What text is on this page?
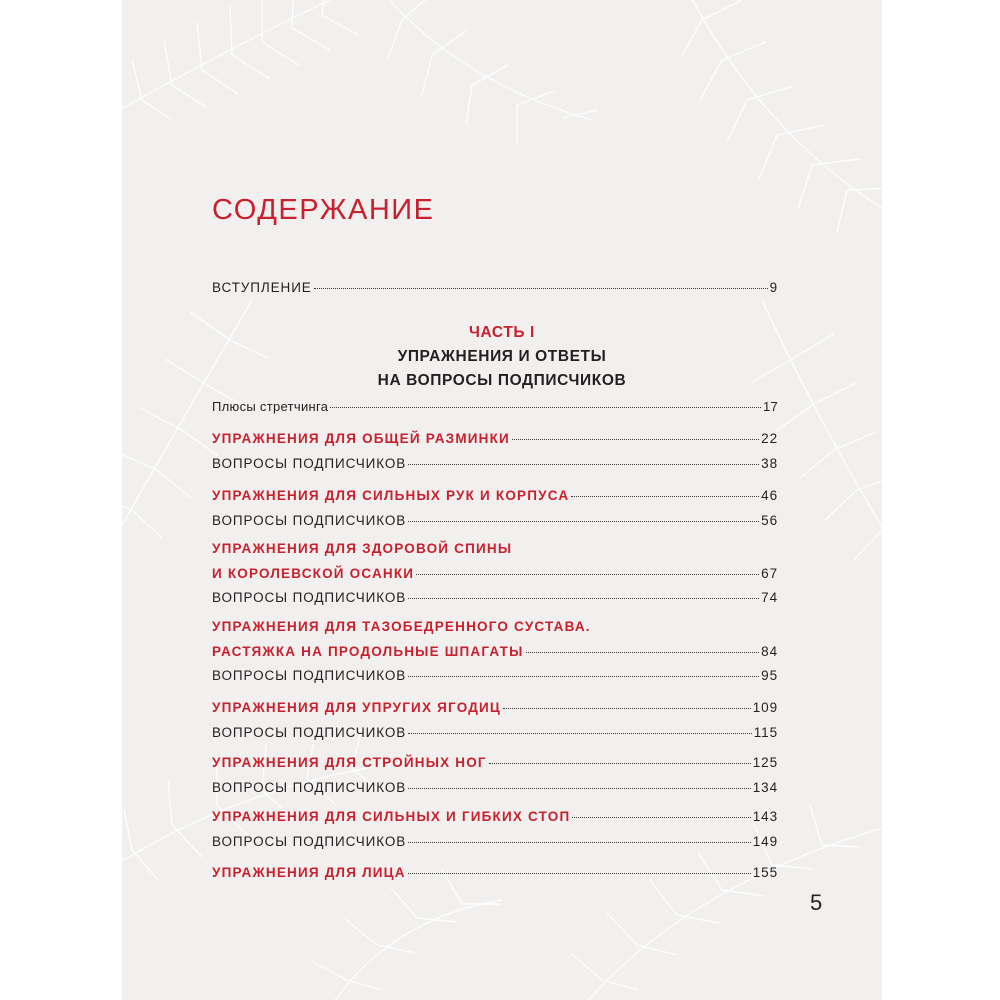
СОДЕРЖАНИЕ
ВСТУПЛЕНИЕ	9
ЧАСТЬ I
УПРАЖНЕНИЯ И ОТВЕТЫ
НА ВОПРОСЫ ПОДПИСЧИКОВ
Плюсы стретчинга	17
УПРАЖНЕНИЯ ДЛЯ ОБЩЕЙ РАЗМИНКИ	22
ВОПРОСЫ ПОДПИСЧИКОВ	38
УПРАЖНЕНИЯ ДЛЯ СИЛЬНЫХ РУК И КОРПУСА	46
ВОПРОСЫ ПОДПИСЧИКОВ	56
УПРАЖНЕНИЯ ДЛЯ ЗДОРОВОЙ СПИНЫ
И КОРОЛЕВСКОЙ ОСАНКИ	67
ВОПРОСЫ ПОДПИСЧИКОВ	74
УПРАЖНЕНИЯ ДЛЯ ТАЗОБЕДРЕННОГО СУСТАВА.
РАСТЯЖКА НА ПРОДОЛЬНЫЕ ШПАГАТЫ	84
ВОПРОСЫ ПОДПИСЧИКОВ	95
УПРАЖНЕНИЯ ДЛЯ УПРУГИХ ЯГОДИЦ	109
ВОПРОСЫ ПОДПИСЧИКОВ	115
УПРАЖНЕНИЯ ДЛЯ СТРОЙНЫХ НОГ	125
ВОПРОСЫ ПОДПИСЧИКОВ	134
УПРАЖНЕНИЯ ДЛЯ СИЛЬНЫХ И ГИБКИХ СТОП	143
ВОПРОСЫ ПОДПИСЧИКОВ	149
УПРАЖНЕНИЯ ДЛЯ ЛИЦА	155
5
